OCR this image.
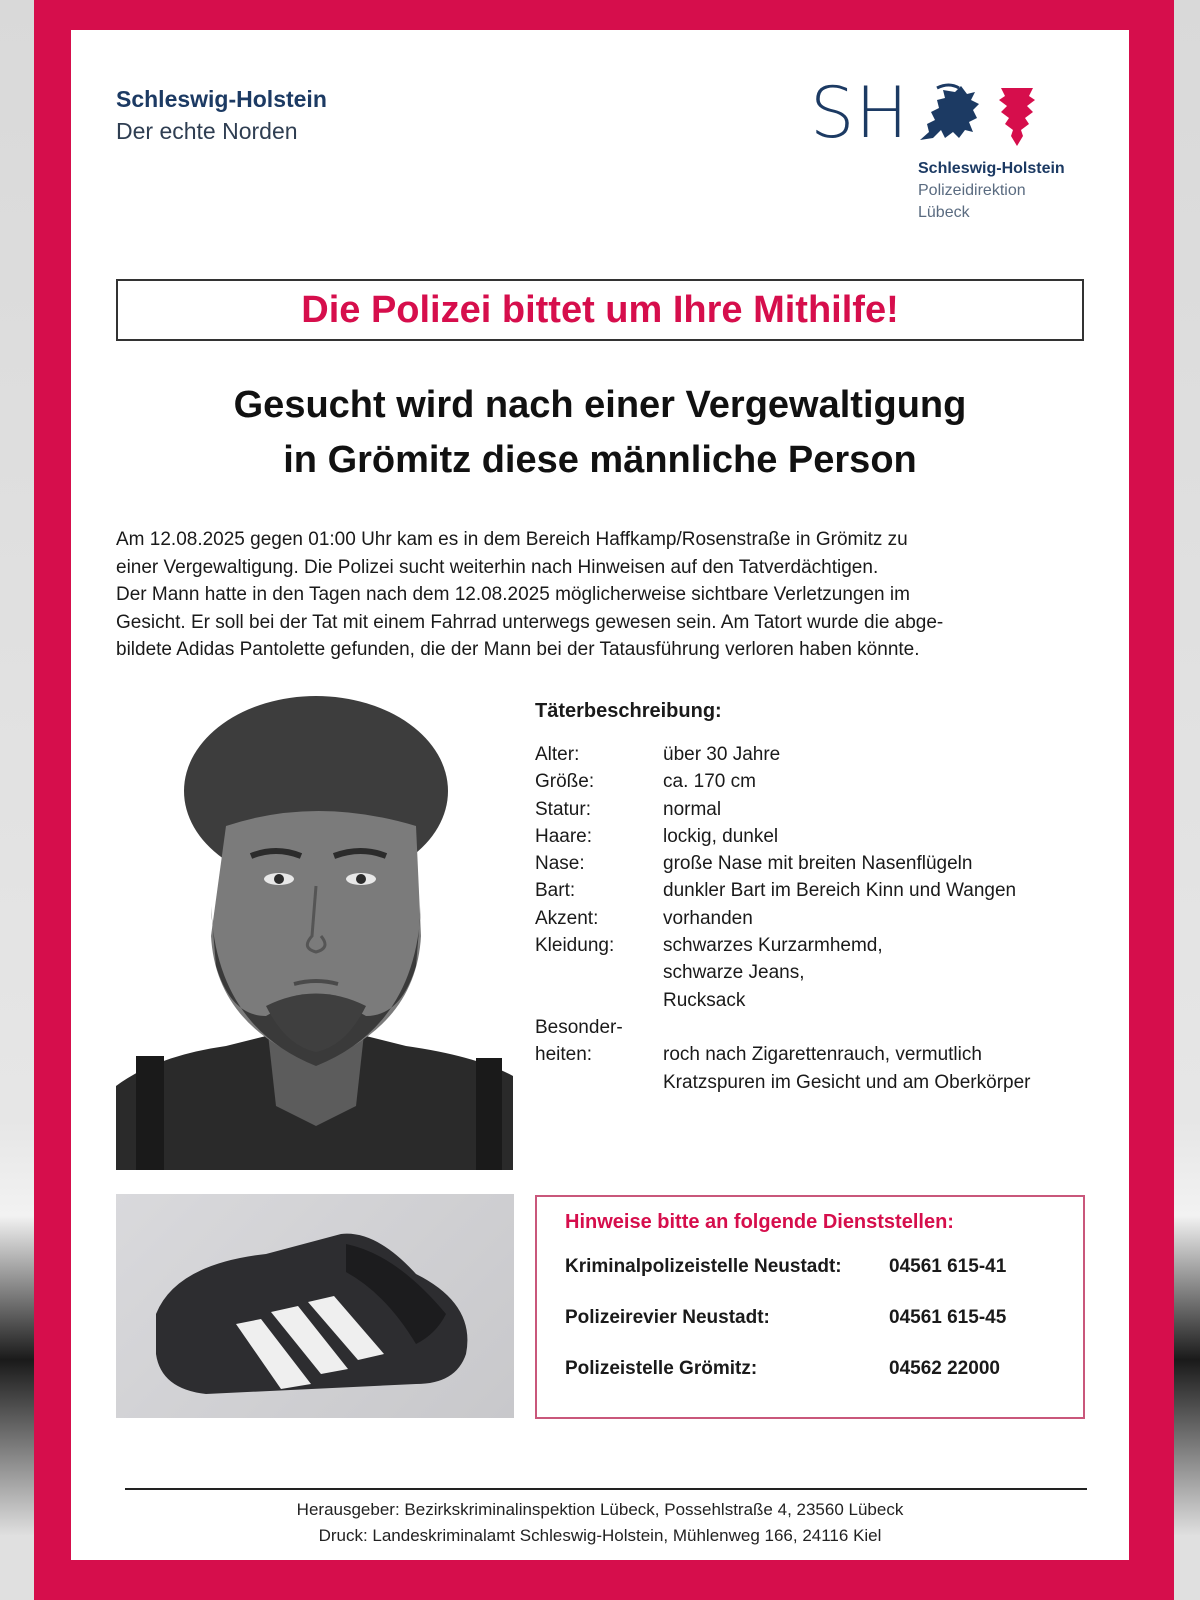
Schleswig-Holstein
Der echte Norden	SH
Schleswig-Holstein
Polizeidirektion
Lübeck
Die Polizei bittet um Ihre Mithilfe!
Gesucht wird nach einer Vergewaltigung
in Grömitz diese männliche Person
Am 12.08.2025 gegen 01:00 Uhr kam es in dem Bereich Haffkamp/Rosenstraße in Grömitz zu
einer Vergewaltigung. Die Polizei sucht weiterhin nach Hinweisen auf den Tatverdächtigen.
Der Mann hatte in den Tagen nach dem 12.08.2025 möglicherweise sichtbare Verletzungen im
Gesicht. Er soll bei der Tat mit einem Fahrrad unterwegs gewesen sein. Am Tatort wurde die abge-
bildete Adidas Pantolette gefunden, die der Mann bei der Tatausführung verloren haben könnte.
Täterbeschreibung:
Alter:	über 30 Jahre
Größe:	ca. 170 cm
Statur:	normal
Haare:	lockig, dunkel
Nase:	große Nase mit breiten Nasenflügeln
Bart:	dunkler Bart im Bereich Kinn und Wangen
Akzent:	vorhanden
Kleidung:	schwarzes Kurzarmhemd,
schwarze Jeans,
Rucksack
Besonder-
heiten:	roch nach Zigarettenrauch, vermutlich
Kratzspuren im Gesicht und am Oberkörper
Hinweise bitte an folgende Dienststellen:
Kriminalpolizeistelle Neustadt:	04561 615-41
Polizeirevier Neustadt:	04561 615-45
Polizeistelle Grömitz:	04562 22000
Herausgeber: Bezirkskriminalinspektion Lübeck, Possehlstraße 4, 23560 Lübeck
Druck: Landeskriminalamt Schleswig-Holstein, Mühlenweg 166, 24116 Kiel
